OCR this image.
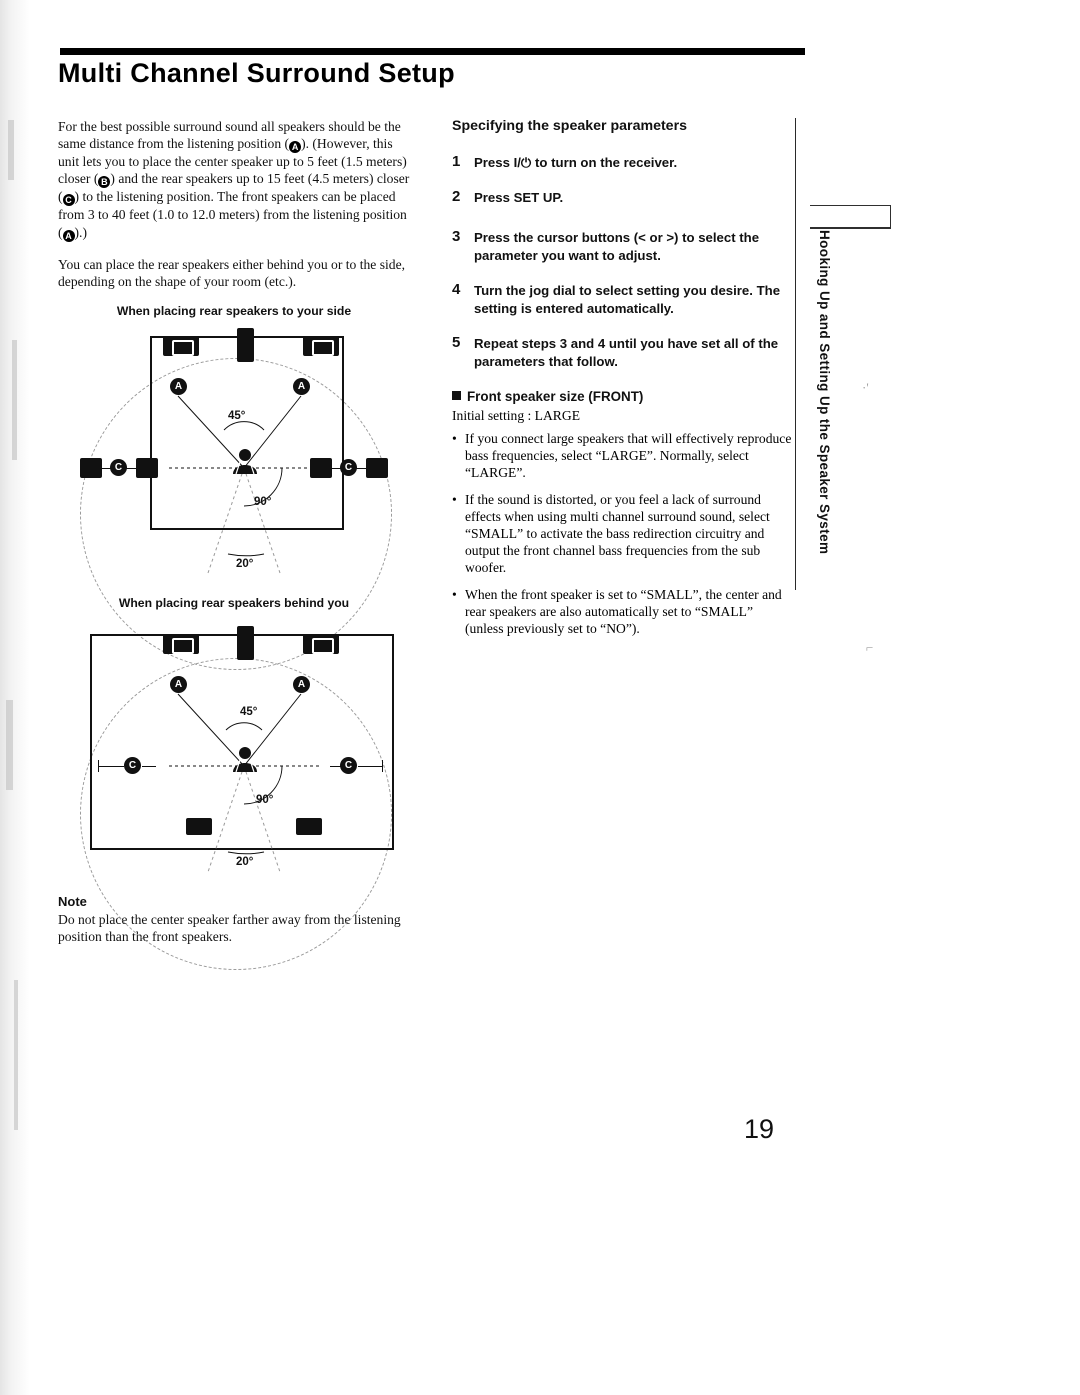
Multi Channel Surround Setup

For the best possible surround sound all speakers should be the same distance from the listening position ( A ). (However, this unit lets you to place the center speaker up to 5 feet (1.5 meters) closer ( B ) and the rear speakers up to 15 feet (4.5 meters) closer ( C ) to the listening position. The front speakers can be placed from 3 to 40 feet (1.0 to 12.0 meters) from the listening position ( A ).)

You can place the rear speakers either behind you or to the side, depending on the shape of your room (etc.).

When placing rear speakers to your side
A	A
45°
90°
20°
C	C
When placing rear speakers behind you
A	A
45°
90°
20°
C	C
Note
Do not place the center speaker farther away from the listening position than the front speakers.
Specifying the speaker parameters
1 Press I/⏻ to turn on the receiver.
2 Press SET UP.
3 Press the cursor buttons (< or >) to select the parameter you want to adjust.
4 Turn the jog dial to select setting you desire. The setting is entered automatically.
5 Repeat steps 3 and 4 until you have set all of the parameters that follow.
Front speaker size (FRONT)
Initial setting : LARGE
• If you connect large speakers that will effectively reproduce bass frequencies, select “LARGE”. Normally, select “LARGE”.
• If the sound is distorted, or you feel a lack of surround effects when using multi channel surround sound, select “SMALL” to activate the bass redirection circuitry and output the front channel bass frequencies from the sub woofer.
• When the front speaker is set to “SMALL”, the center and rear speakers are also automatically set to “SMALL” (unless previously set to “NO”).
Hooking Up and Setting Up the Speaker System ·'
⌐
19
